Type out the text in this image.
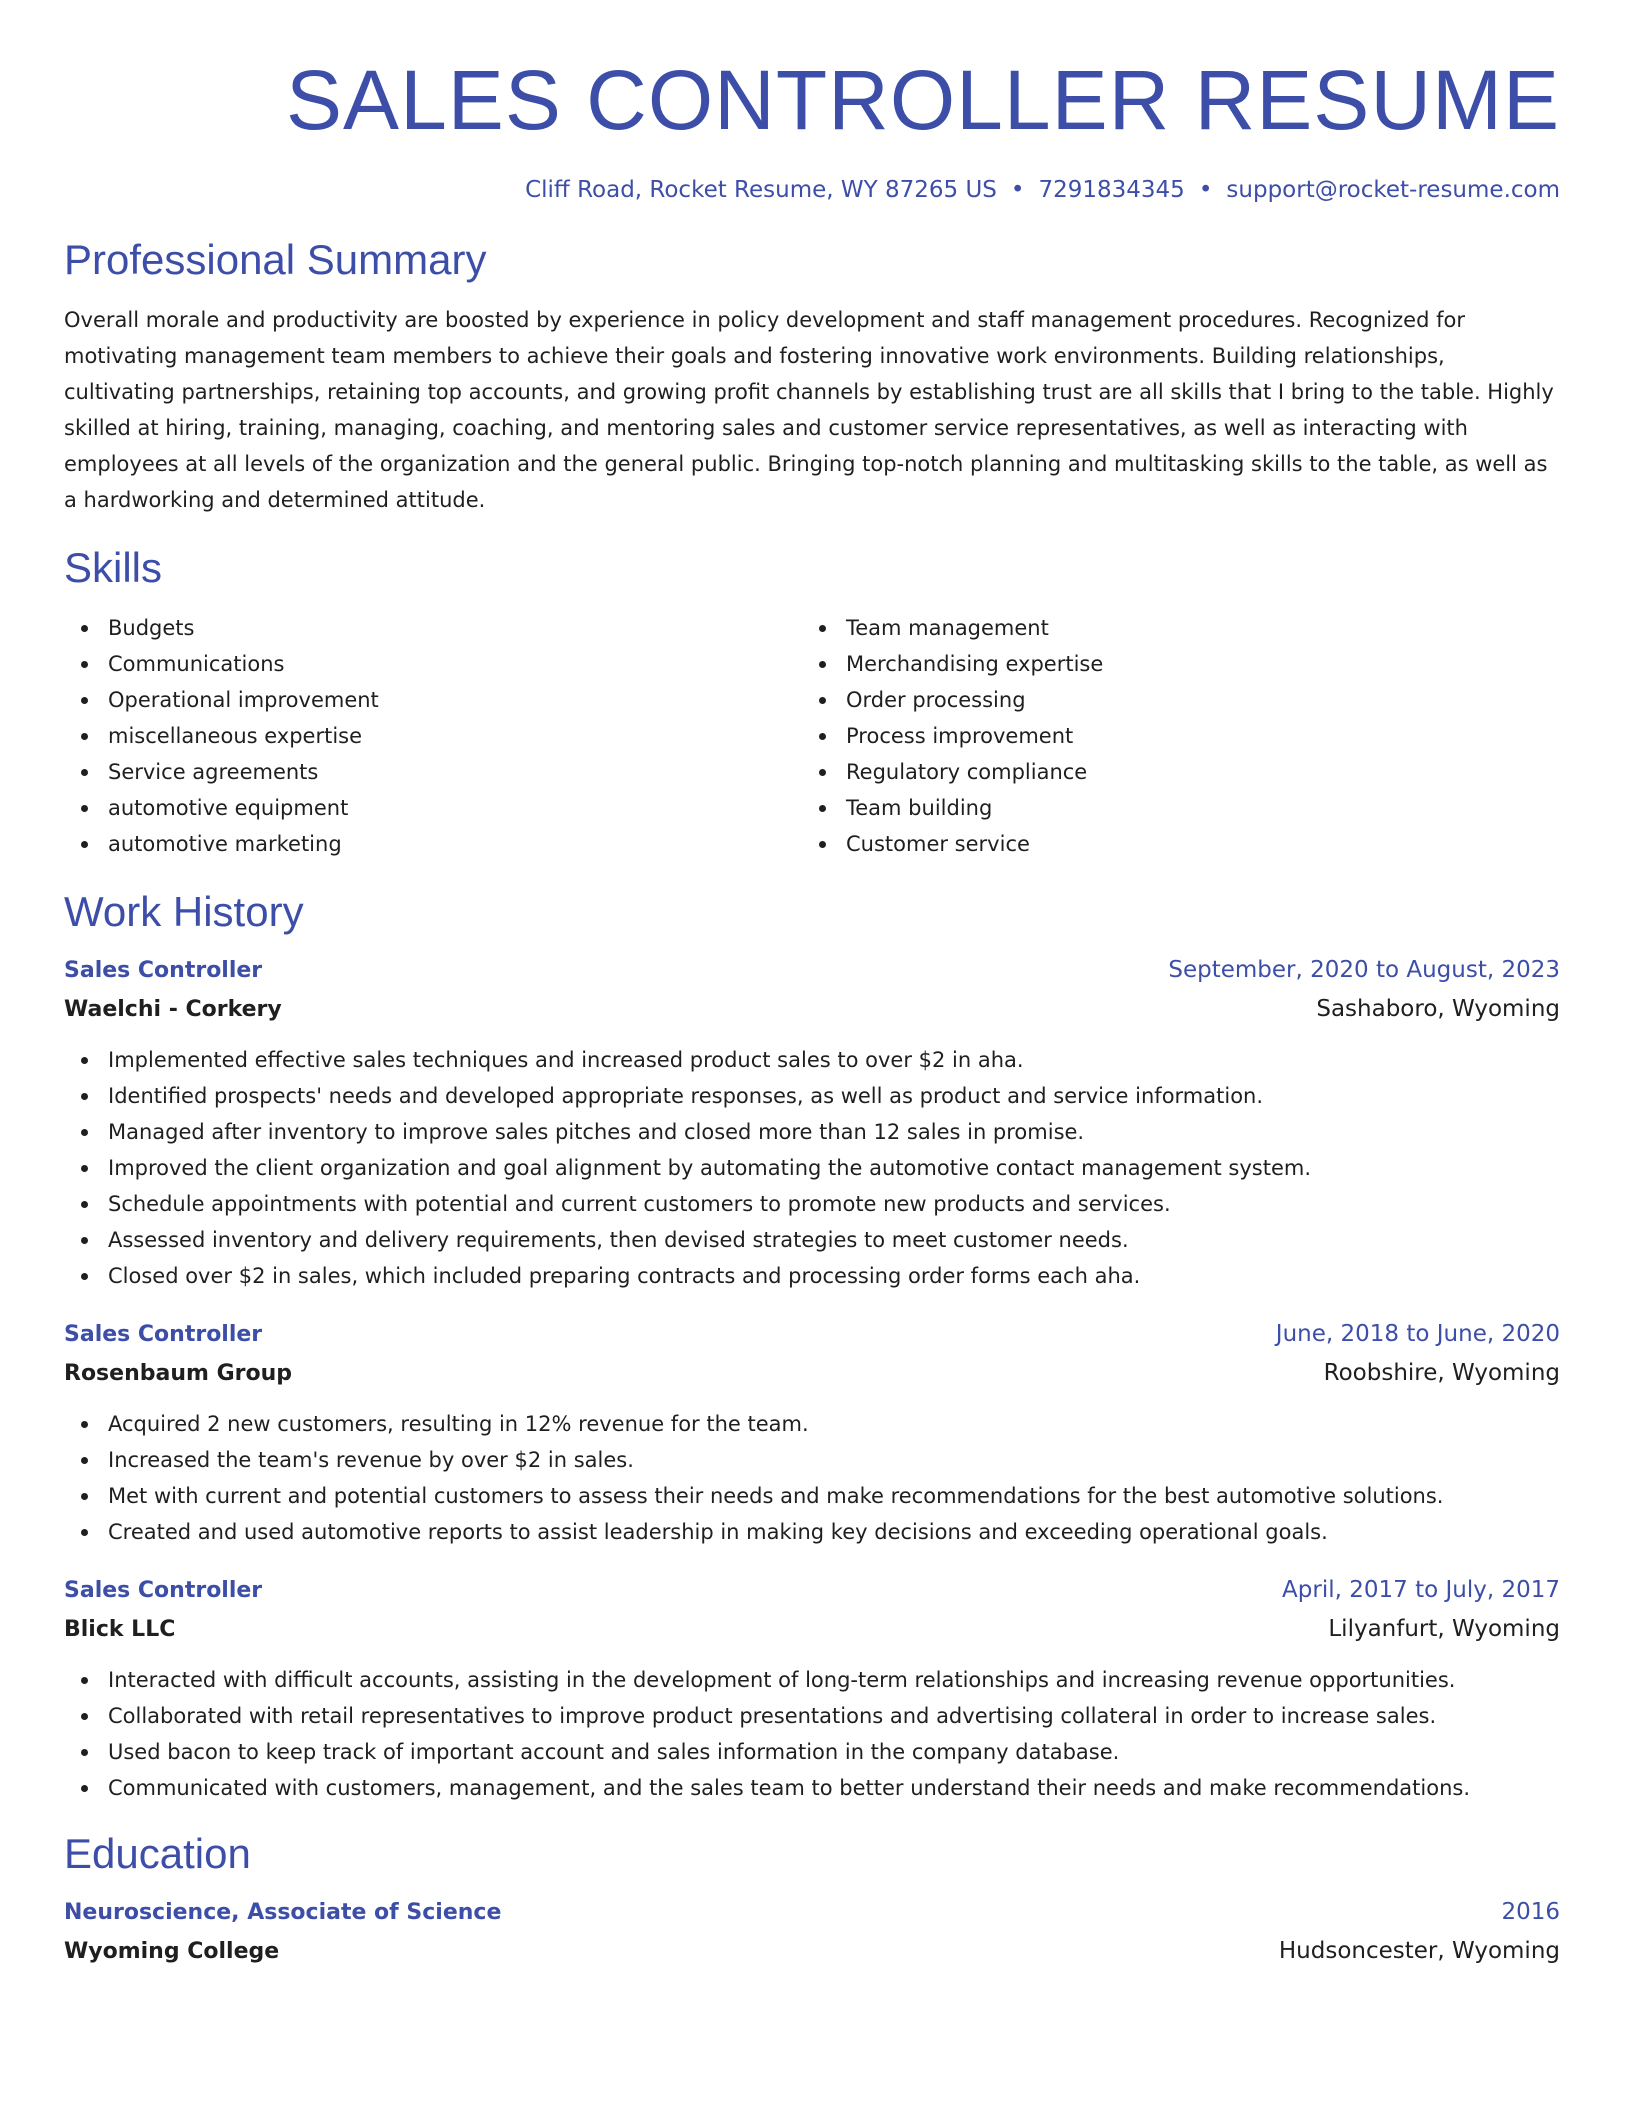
SALES CONTROLLER RESUME
Cliff Road, Rocket Resume, WY 87265 US • 7291834345 • support@rocket-resume.com
Professional Summary
Overall morale and productivity are boosted by experience in policy development and staff management procedures. Recognized for motivating management team members to achieve their goals and fostering innovative work environments. Building relationships, cultivating partnerships, retaining top accounts, and growing profit channels by establishing trust are all skills that I bring to the table. Highly skilled at hiring, training, managing, coaching, and mentoring sales and customer service representatives, as well as interacting with employees at all levels of the organization and the general public. Bringing top-notch planning and multitasking skills to the table, as well as a hardworking and determined attitude.
Skills
Budgets
Communications
Operational improvement
miscellaneous expertise
Service agreements
automotive equipment
automotive marketing
Team management
Merchandising expertise
Order processing
Process improvement
Regulatory compliance
Team building
Customer service
Work History
Sales Controller	September, 2020 to August, 2023
Waelchi - Corkery	Sashaboro, Wyoming
Implemented effective sales techniques and increased product sales to over $2 in aha.
Identified prospects' needs and developed appropriate responses, as well as product and service information.
Managed after inventory to improve sales pitches and closed more than 12 sales in promise.
Improved the client organization and goal alignment by automating the automotive contact management system.
Schedule appointments with potential and current customers to promote new products and services.
Assessed inventory and delivery requirements, then devised strategies to meet customer needs.
Closed over $2 in sales, which included preparing contracts and processing order forms each aha.
Sales Controller	June, 2018 to June, 2020
Rosenbaum Group	Roobshire, Wyoming
Acquired 2 new customers, resulting in 12% revenue for the team.
Increased the team's revenue by over $2 in sales.
Met with current and potential customers to assess their needs and make recommendations for the best automotive solutions.
Created and used automotive reports to assist leadership in making key decisions and exceeding operational goals.
Sales Controller	April, 2017 to July, 2017
Blick LLC	Lilyanfurt, Wyoming
Interacted with difficult accounts, assisting in the development of long-term relationships and increasing revenue opportunities.
Collaborated with retail representatives to improve product presentations and advertising collateral in order to increase sales.
Used bacon to keep track of important account and sales information in the company database.
Communicated with customers, management, and the sales team to better understand their needs and make recommendations.
Education
Neuroscience, Associate of Science	2016
Wyoming College	Hudsoncester, Wyoming
